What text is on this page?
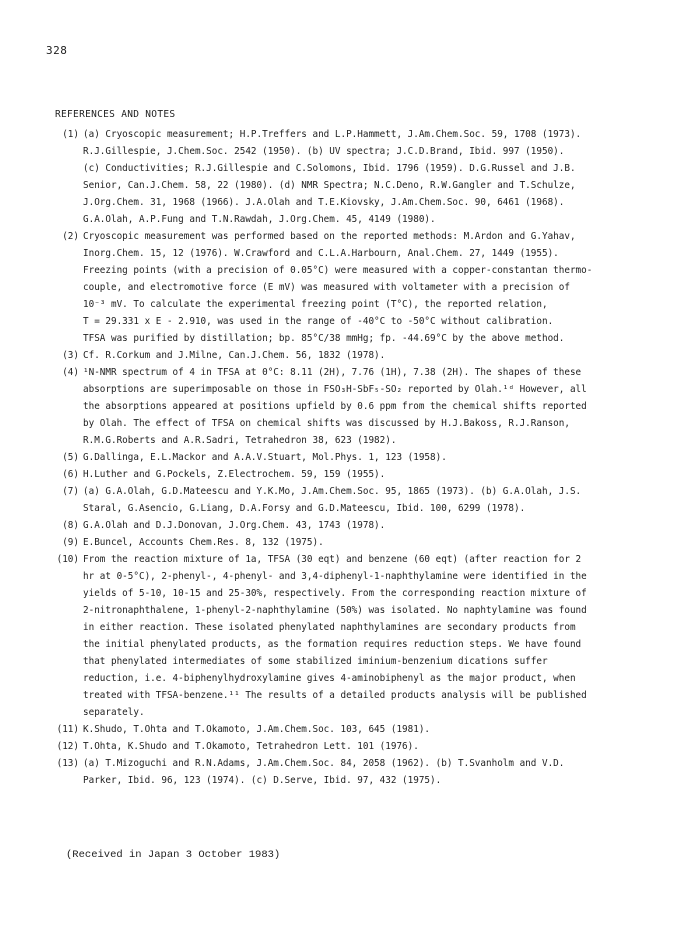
328
REFERENCES AND NOTES
(1) (a) Cryoscopic measurement; H.P.Treffers and L.P.Hammett, J.Am.Chem.Soc. 59, 1708 (1973).
R.J.Gillespie, J.Chem.Soc. 2542 (1950). (b) UV spectra; J.C.D.Brand, Ibid. 997 (1950).
(c) Conductivities; R.J.Gillespie and C.Solomons, Ibid. 1796 (1959). D.G.Russel and J.B.
Senior, Can.J.Chem. 58, 22 (1980). (d) NMR Spectra; N.C.Deno, R.W.Gangler and T.Schulze,
J.Org.Chem. 31, 1968 (1966). J.A.Olah and T.E.Kiovsky, J.Am.Chem.Soc. 90, 6461 (1968).
G.A.Olah, A.P.Fung and T.N.Rawdah, J.Org.Chem. 45, 4149 (1980).
(2) Cryoscopic measurement was performed based on the reported methods: M.Ardon and G.Yahav,
Inorg.Chem. 15, 12 (1976). W.Crawford and C.L.A.Harbourn, Anal.Chem. 27, 1449 (1955).
Freezing points (with a precision of 0.05°C) were measured with a copper-constantan thermo-
couple, and electromotive force (E mV) was measured with voltameter with a precision of
10⁻³ mV. To calculate the experimental freezing point (T°C), the reported relation,
T = 29.331 x E - 2.910, was used in the range of -40°C to -50°C without calibration.
TFSA was purified by distillation; bp. 85°C/38 mmHg; fp. -44.69°C by the above method.
(3) Cf. R.Corkum and J.Milne, Can.J.Chem. 56, 1832 (1978).
(4) ¹N-NMR spectrum of 4 in TFSA at 0°C: 8.11 (2H), 7.76 (1H), 7.38 (2H). The shapes of these
absorptions are superimposable on those in FSO₃H-SbF₅-SO₂ reported by Olah.¹ᵈ However, all
the absorptions appeared at positions upfield by 0.6 ppm from the chemical shifts reported
by Olah. The effect of TFSA on chemical shifts was discussed by H.J.Bakoss, R.J.Ranson,
R.M.G.Roberts and A.R.Sadri, Tetrahedron 38, 623 (1982).
(5) G.Dallinga, E.L.Mackor and A.A.V.Stuart, Mol.Phys. 1, 123 (1958).
(6) H.Luther and G.Pockels, Z.Electrochem. 59, 159 (1955).
(7) (a) G.A.Olah, G.D.Mateescu and Y.K.Mo, J.Am.Chem.Soc. 95, 1865 (1973). (b) G.A.Olah, J.S.
Staral, G.Asencio, G.Liang, D.A.Forsy and G.D.Mateescu, Ibid. 100, 6299 (1978).
(8) G.A.Olah and D.J.Donovan, J.Org.Chem. 43, 1743 (1978).
(9) E.Buncel, Accounts Chem.Res. 8, 132 (1975).
(10) From the reaction mixture of 1a, TFSA (30 eqt) and benzene (60 eqt) (after reaction for 2
hr at 0-5°C), 2-phenyl-, 4-phenyl- and 3,4-diphenyl-1-naphthylamine were identified in the
yields of 5-10, 10-15 and 25-30%, respectively. From the corresponding reaction mixture of
2-nitronaphthalene, 1-phenyl-2-naphthylamine (50%) was isolated. No naphtylamine was found
in either reaction. These isolated phenylated naphthylamines are secondary products from
the initial phenylated products, as the formation requires reduction steps. We have found
that phenylated intermediates of some stabilized iminium-benzenium dications suffer
reduction, i.e. 4-biphenylhydroxylamine gives 4-aminobiphenyl as the major product, when
treated with TFSA-benzene.¹¹ The results of a detailed products analysis will be published
separately.
(11) K.Shudo, T.Ohta and T.Okamoto, J.Am.Chem.Soc. 103, 645 (1981).
(12) T.Ohta, K.Shudo and T.Okamoto, Tetrahedron Lett. 101 (1976).
(13) (a) T.Mizoguchi and R.N.Adams, J.Am.Chem.Soc. 84, 2058 (1962). (b) T.Svanholm and V.D.
Parker, Ibid. 96, 123 (1974). (c) D.Serve, Ibid. 97, 432 (1975).
(Received in Japan 3 October 1983)
